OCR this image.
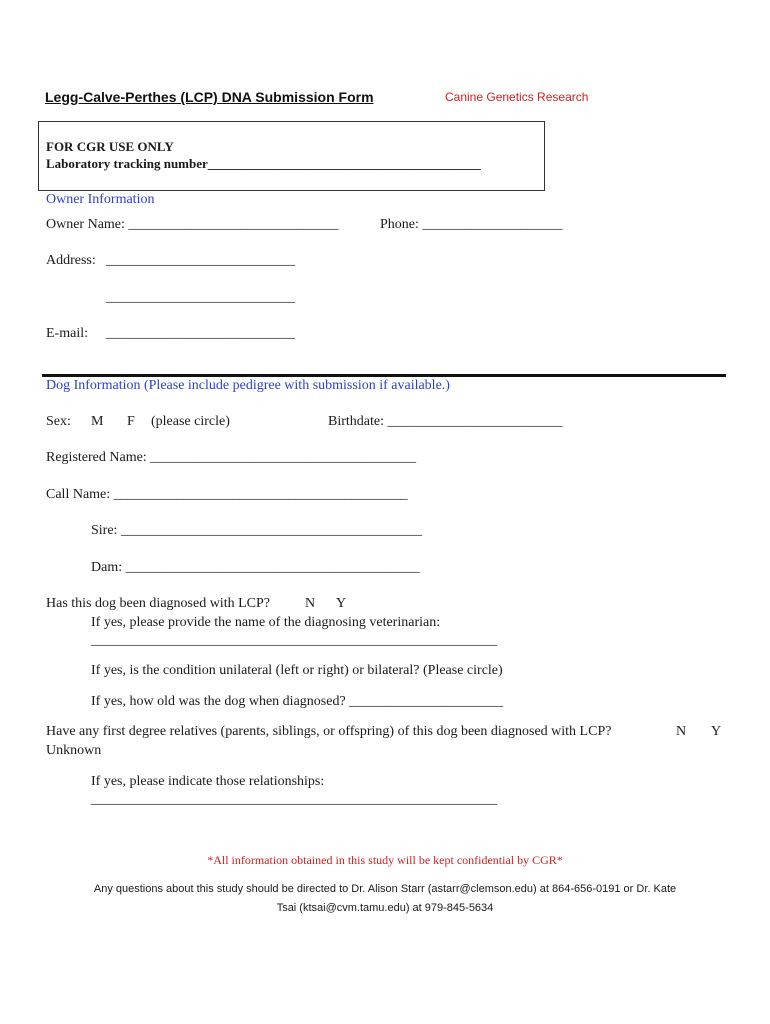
Legg-Calve-Perthes (LCP) DNA Submission Form	Canine Genetics Research
FOR CGR USE ONLY
Laboratory tracking number__________________________________________
Owner Information
Owner Name: ______________________________	Phone: ____________________
Address: ___________________________
___________________________
E-mail: ___________________________
Dog Information (Please include pedigree with submission if available.)
Sex: M F (please circle)	Birthdate: _________________________
Registered Name: ______________________________________
Call Name: __________________________________________
Sire: ___________________________________________
Dam: __________________________________________
Has this dog been diagnosed with LCP?	N Y
If yes, please provide the name of the diagnosing veterinarian:
__________________________________________________________
If yes, is the condition unilateral (left or right) or bilateral? (Please circle)
If yes, how old was the dog when diagnosed? ______________________
Have any first degree relatives (parents, siblings, or offspring) of this dog been diagnosed with LCP?	N Y
Unknown
If yes, please indicate those relationships:
__________________________________________________________
*All information obtained in this study will be kept confidential by CGR*
Any questions about this study should be directed to Dr. Alison Starr (astarr@clemson.edu) at 864-656-0191 or Dr. Kate
Tsai (ktsai@cvm.tamu.edu) at 979-845-5634
